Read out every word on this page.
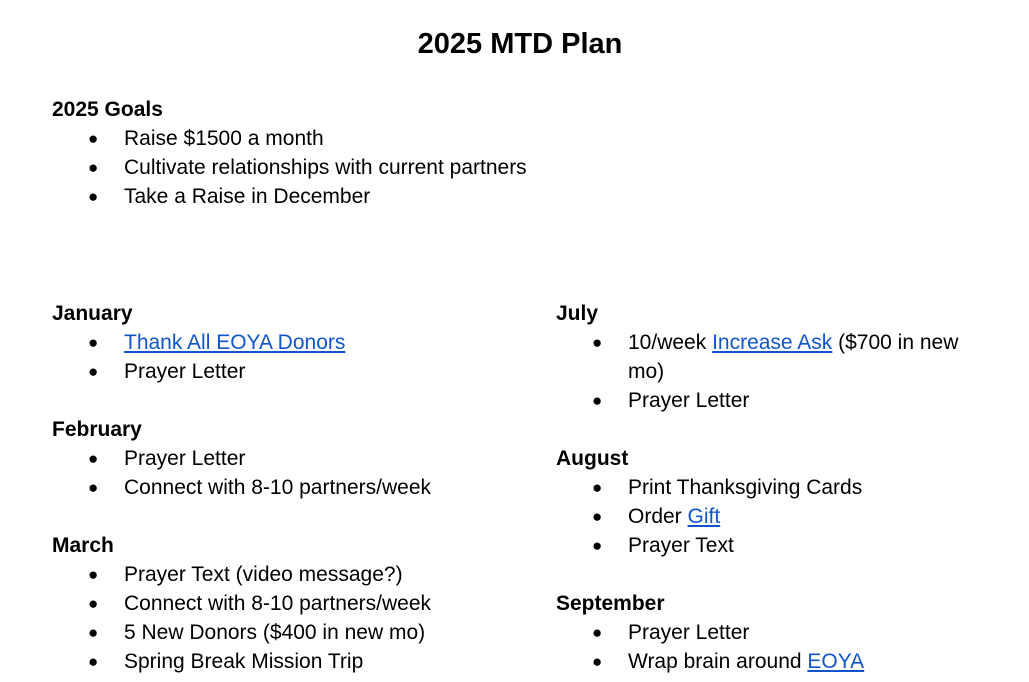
2025 MTD Plan
2025 Goals
● Raise $1500 a month
● Cultivate relationships with current partners
● Take a Raise in December
January
● Thank All EOYA Donors
● Prayer Letter
February
● Prayer Letter
● Connect with 8-10 partners/week
March
● Prayer Text (video message?)
● Connect with 8-10 partners/week
● 5 New Donors ($400 in new mo)
● Spring Break Mission Trip
July
● 10/week Increase Ask ($700 in new mo)
● Prayer Letter
August
● Print Thanksgiving Cards
● Order Gift
● Prayer Text
September
● Prayer Letter
● Wrap brain around EOYA
